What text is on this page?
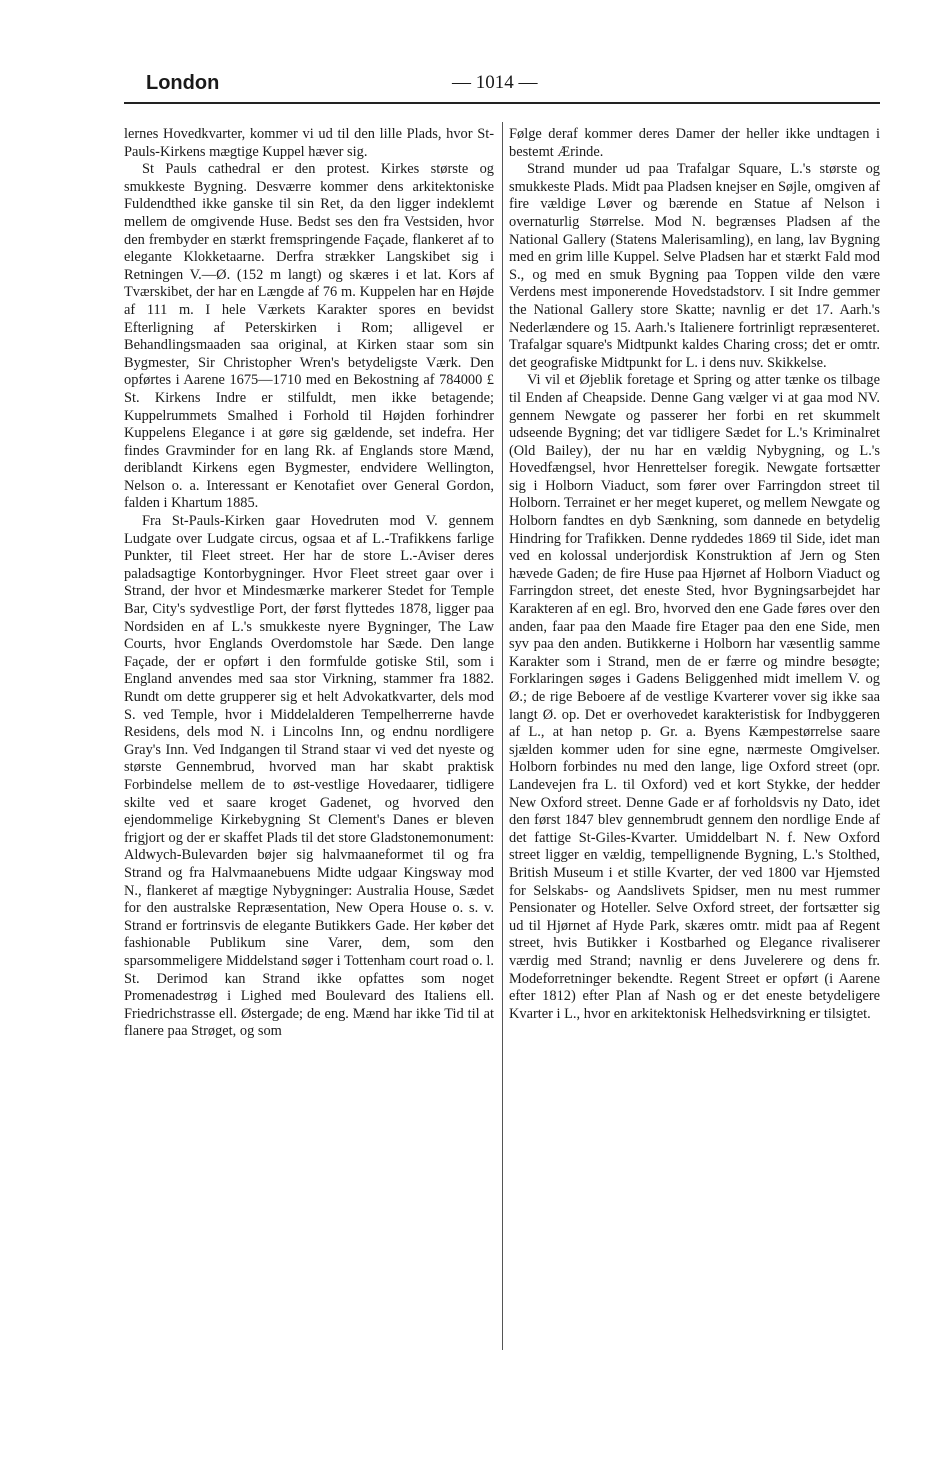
London	— 1014 —

lernes Hovedkvarter, kommer vi ud til den lille Plads, hvor St-Pauls-Kirkens mægtige Kuppel hæver sig.

St Pauls cathedral er den protest. Kirkes største og smukkeste Bygning. Desværre kommer dens arkitektoniske Fuldendthed ikke ganske til sin Ret, da den ligger indeklemt mellem de omgivende Huse. Bedst ses den fra Vestsiden, hvor den frembyder en stærkt fremspringende Façade, flankeret af to elegante Klokketaarne. Derfra strækker Langskibet sig i Retningen V.—Ø. (152 m langt) og skæres i et lat. Kors af Tværskibet, der har en Længde af 76 m. Kuppelen har en Højde af 111 m. I hele Værkets Karakter spores en bevidst Efterligning af Peterskirken i Rom; alligevel er Behandlingsmaaden saa original, at Kirken staar som sin Bygmester, Sir Christopher Wren's betydeligste Værk. Den opførtes i Aarene 1675—1710 med en Bekostning af 784000 £ St. Kirkens Indre er stilfuldt, men ikke betagende; Kuppelrummets Smalhed i Forhold til Højden forhindrer Kuppelens Elegance i at gøre sig gældende, set indefra. Her findes Gravminder for en lang Rk. af Englands store Mænd, deriblandt Kirkens egen Bygmester, endvidere Wellington, Nelson o. a. Interessant er Kenotafiet over General Gordon, falden i Khartum 1885.

Fra St-Pauls-Kirken gaar Hovedruten mod V. gennem Ludgate over Ludgate circus, ogsaa et af L.-Trafikkens farlige Punkter, til Fleet street. Her har de store L.-Aviser deres paladsagtige Kontorbygninger. Hvor Fleet street gaar over i Strand, der hvor et Mindesmærke markerer Stedet for Temple Bar, City's sydvestlige Port, der først flyttedes 1878, ligger paa Nordsiden en af L.'s smukkeste nyere Bygninger, The Law Courts, hvor Englands Overdomstole har Sæde. Den lange Façade, der er opført i den formfulde gotiske Stil, som i England anvendes med saa stor Virkning, stammer fra 1882. Rundt om dette grupperer sig et helt Advokatkvarter, dels mod S. ved Temple, hvor i Middelalderen Tempelherrerne havde Residens, dels mod N. i Lincolns Inn, og endnu nordligere Gray's Inn. Ved Indgangen til Strand staar vi ved det nyeste og største Gennembrud, hvorved man har skabt praktisk Forbindelse mellem de to øst-vestlige Hovedaarer, tidligere skilte ved et saare kroget Gadenet, og hvorved den ejendommelige Kirkebygning St Clement's Danes er bleven frigjort og der er skaffet Plads til det store Gladstonemonument: Aldwych-Bulevarden bøjer sig halvmaaneformet til og fra Strand og fra Halvmaanebuens Midte udgaar Kingsway mod N., flankeret af mægtige Nybygninger: Australia House, Sædet for den australske Repræsentation, New Opera House o. s. v. Strand er fortrinsvis de elegante Butikkers Gade. Her køber det fashionable Publikum sine Varer, dem, som den sparsommeligere Middelstand søger i Tottenham court road o. l. St. Derimod kan Strand ikke opfattes som noget Promenadestrøg i Lighed med Boulevard des Italiens ell. Friedrichstrasse ell. Østergade; de eng. Mænd har ikke Tid til at flanere paa Strøget, og som

Følge deraf kommer deres Damer der heller ikke undtagen i bestemt Ærinde.

Strand munder ud paa Trafalgar Square, L.'s største og smukkeste Plads. Midt paa Pladsen knejser en Søjle, omgiven af fire vældige Løver og bærende en Statue af Nelson i overnaturlig Størrelse. Mod N. begrænses Pladsen af the National Gallery (Statens Malerisamling), en lang, lav Bygning med en grim lille Kuppel. Selve Pladsen har et stærkt Fald mod S., og med en smuk Bygning paa Toppen vilde den være Verdens mest imponerende Hovedstadstorv. I sit Indre gemmer the National Gallery store Skatte; navnlig er det 17. Aarh.'s Nederlændere og 15. Aarh.'s Italienere fortrinligt repræsenteret. Trafalgar square's Midtpunkt kaldes Charing cross; det er omtr. det geografiske Midtpunkt for L. i dens nuv. Skikkelse.

Vi vil et Øjeblik foretage et Spring og atter tænke os tilbage til Enden af Cheapside. Denne Gang vælger vi at gaa mod NV. gennem Newgate og passerer her forbi en ret skummelt udseende Bygning; det var tidligere Sædet for L.'s Kriminalret (Old Bailey), der nu har en vældig Nybygning, og L.'s Hovedfængsel, hvor Henrettelser foregik. Newgate fortsætter sig i Holborn Viaduct, som fører over Farringdon street til Holborn. Terrainet er her meget kuperet, og mellem Newgate og Holborn fandtes en dyb Sænkning, som dannede en betydelig Hindring for Trafikken. Denne ryddedes 1869 til Side, idet man ved en kolossal underjordisk Konstruktion af Jern og Sten hævede Gaden; de fire Huse paa Hjørnet af Holborn Viaduct og Farringdon street, det eneste Sted, hvor Bygningsarbejdet har Karakteren af en egl. Bro, hvorved den ene Gade føres over den anden, faar paa den Maade fire Etager paa den ene Side, men syv paa den anden. Butikkerne i Holborn har væsentlig samme Karakter som i Strand, men de er færre og mindre besøgte; Forklaringen søges i Gadens Beliggenhed midt imellem V. og Ø.; de rige Beboere af de vestlige Kvarterer vover sig ikke saa langt Ø. op. Det er overhovedet karakteristisk for Indbyggeren af L., at han netop p. Gr. a. Byens Kæmpestørrelse saare sjælden kommer uden for sine egne, nærmeste Omgivelser. Holborn forbindes nu med den lange, lige Oxford street (opr. Landevejen fra L. til Oxford) ved et kort Stykke, der hedder New Oxford street. Denne Gade er af forholdsvis ny Dato, idet den først 1847 blev gennembrudt gennem den nordlige Ende af det fattige St-Giles-Kvarter. Umiddelbart N. f. New Oxford street ligger en vældig, tempellignende Bygning, L.'s Stolthed, British Museum i et stille Kvarter, der ved 1800 var Hjemsted for Selskabs- og Aandslivets Spidser, men nu mest rummer Pensionater og Hoteller. Selve Oxford street, der fortsætter sig ud til Hjørnet af Hyde Park, skæres omtr. midt paa af Regent street, hvis Butikker i Kostbarhed og Elegance rivaliserer værdig med Strand; navnlig er dens Juvelerere og dens fr. Modeforretninger bekendte. Regent Street er opført (i Aarene efter 1812) efter Plan af Nash og er det eneste betydeligere Kvarter i L., hvor en arkitektonisk Helhedsvirkning er tilsigtet.
